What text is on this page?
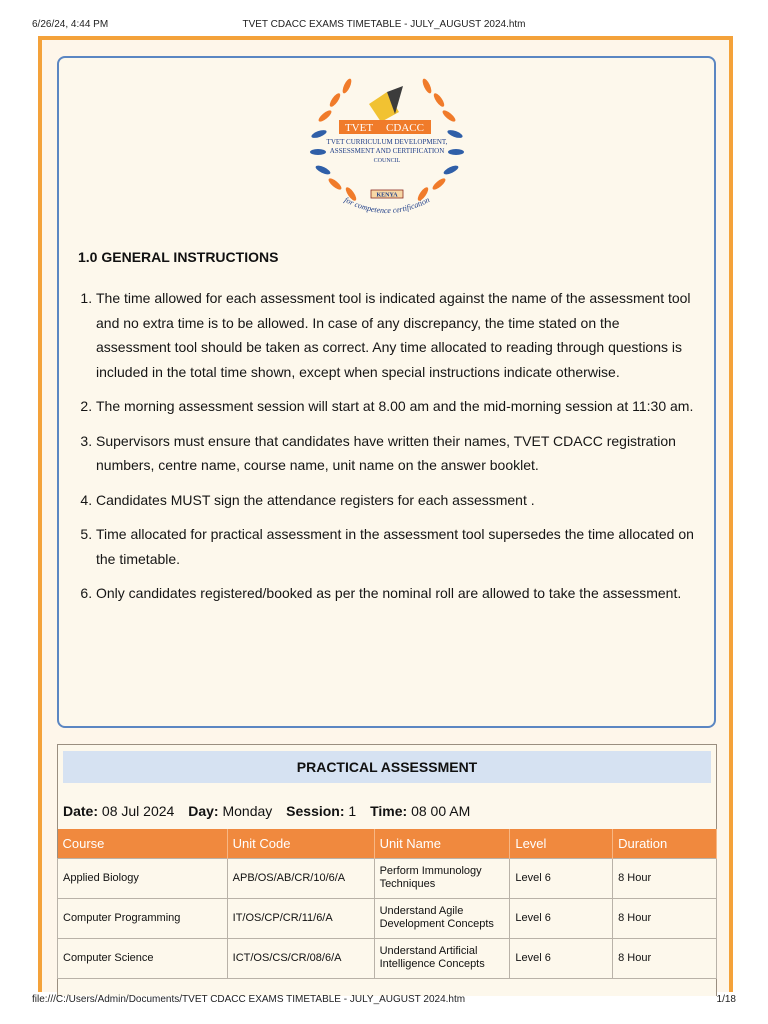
6/26/24, 4:44 PM	TVET CDACC EXAMS TIMETABLE - JULY_AUGUST 2024.htm
TVET CDACC
TVET CURRICULUM DEVELOPMENT,
ASSESSMENT AND CERTIFICATION
COUNCIL
KENYA
for competence certification
1.0 GENERAL INSTRUCTIONS
1. The time allowed for each assessment tool is indicated against the name of the assessment tool and no extra time is to be allowed. In case of any discrepancy, the time stated on the assessment tool should be taken as correct. Any time allocated to reading through questions is included in the total time shown, except when special instructions indicate otherwise.
2. The morning assessment session will start at 8.00 am and the mid-morning session at 11:30 am.
3. Supervisors must ensure that candidates have written their names, TVET CDACC registration numbers, centre name, course name, unit name on the answer booklet.
4. Candidates MUST sign the attendance registers for each assessment .
5. Time allocated for practical assessment in the assessment tool supersedes the time allocated on the timetable.
6. Only candidates registered/booked as per the nominal roll are allowed to take the assessment.
PRACTICAL ASSESSMENT
Date: 08 Jul 2024 Day: Monday Session: 1 Time: 08 00 AM
Course	Unit Code	Unit Name	Level	Duration
Applied Biology	APB/OS/AB/CR/10/6/A	Perform Immunology Techniques	Level 6	8 Hour
Computer Programming	IT/OS/CP/CR/11/6/A	Understand Agile Development Concepts	Level 6	8 Hour
Computer Science	ICT/OS/CS/CR/08/6/A	Understand Artificial Intelligence Concepts	Level 6	8 Hour
file:///C:/Users/Admin/Documents/TVET CDACC EXAMS TIMETABLE - JULY_AUGUST 2024.htm	1/18
